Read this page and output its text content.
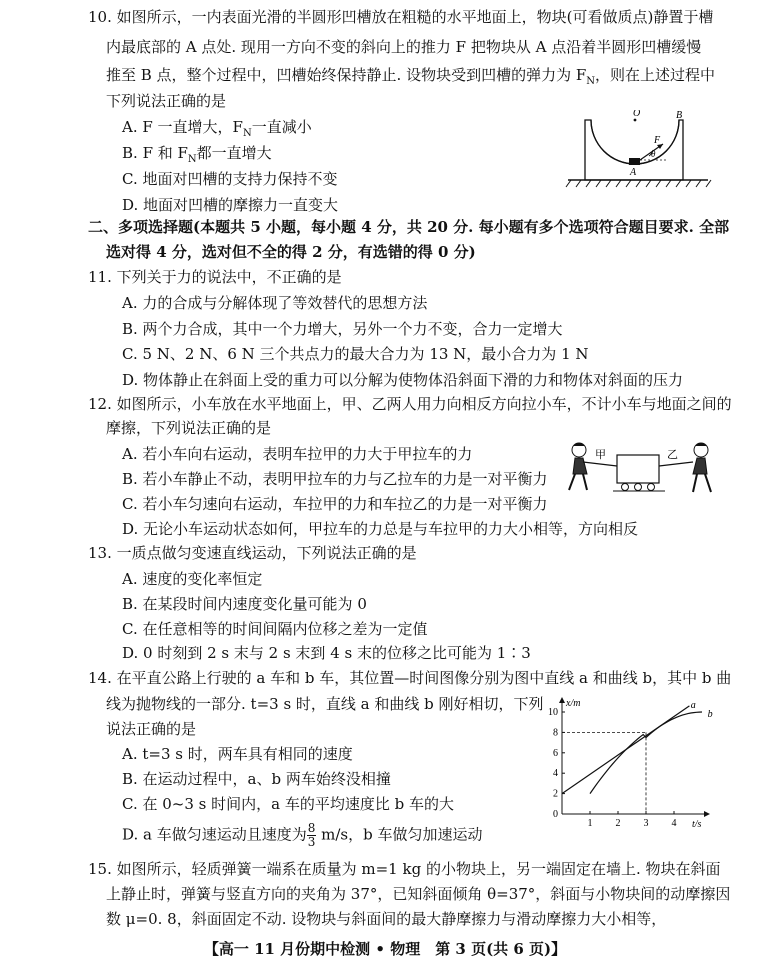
10. 如图所示，一内表面光滑的半圆形凹槽放在粗糙的水平地面上，物块(可看做质点)静置于槽
内最底部的 A 点处. 现用一方向不变的斜向上的推力 F 把物块从 A 点沿着半圆形凹槽缓慢
推至 B 点，整个过程中，凹槽始终保持静止. 设物块受到凹槽的弹力为 $F_N$，则在上述过程中
下列说法正确的是
A. F 一直增大，$F_N$一直减小
B. F 和 $F_N$都一直增大
C. 地面对凹槽的支持力保持不变
D. 地面对凹槽的摩擦力一直变大
O	B
F
θ
A
二、多项选择题(本题共 5 小题，每小题 4 分，共 20 分. 每小题有多个选项符合题目要求. 全部
选对得 4 分，选对但不全的得 2 分，有选错的得 0 分)
11. 下列关于力的说法中，不正确的是
A. 力的合成与分解体现了等效替代的思想方法
B. 两个力合成，其中一个力增大，另外一个力不变，合力一定增大
C. 5 N、2 N、6 N 三个共点力的最大合力为 13 N，最小合力为 1 N
D. 物体静止在斜面上受的重力可以分解为使物体沿斜面下滑的力和物体对斜面的压力
12. 如图所示，小车放在水平地面上，甲、乙两人用力向相反方向拉小车，不计小车与地面之间的
摩擦，下列说法正确的是
A. 若小车向右运动，表明车拉甲的力大于甲拉车的力
B. 若小车静止不动，表明甲拉车的力与乙拉车的力是一对平衡力
C. 若小车匀速向右运动，车拉甲的力和车拉乙的力是一对平衡力
D. 无论小车运动状态如何，甲拉车的力总是与车拉甲的力大小相等，方向相反
甲	乙
13. 一质点做匀变速直线运动，下列说法正确的是
A. 速度的变化率恒定
B. 在某段时间内速度变化量可能为 0
C. 在任意相等的时间间隔内位移之差为一定值
D. 0 时刻到 2 s 末与 2 s 末到 4 s 末的位移之比可能为 1∶3
14. 在平直公路上行驶的 a 车和 b 车，其位置—时间图像分别为图中直线 a 和曲线 b，其中 b 曲
线为抛物线的一部分. t=3 s 时，直线 a 和曲线 b 刚好相切，下列
说法正确的是
A. t=3 s 时，两车具有相同的速度
B. 在运动过程中，a、b 两车始终没相撞
C. 在 0~3 s 时间内，a 车的平均速度比 b 车的大
D. a 车做匀速运动且速度为 $\frac{8}{3} m/s$，b 车做匀加速运动
x/m
t/s
0
2
4
6
8
10
1 2 3 4
a
b
15. 如图所示，轻质弹簧一端系在质量为 m=1 kg 的小物块上，另一端固定在墙上. 物块在斜面
上静止时，弹簧与竖直方向的夹角为 37°，已知斜面倾角 θ=37°，斜面与小物块间的动摩擦因
数 μ=0. 8，斜面固定不动. 设物块与斜面间的最大静摩擦力与滑动摩擦力大小相等，
【高一 11 月份期中检测 • 物理　第 3 页(共 6 页)】
